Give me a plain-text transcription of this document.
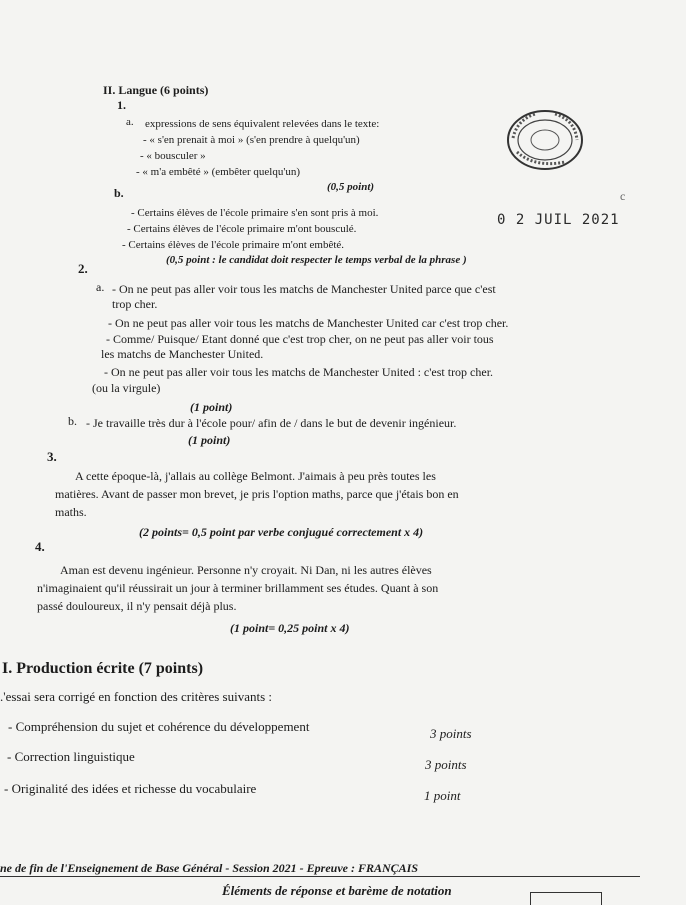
II. Langue (6 points)
1.
a. expressions de sens équivalent relevées dans le texte:
- « s'en prenait à moi » (s'en prendre à quelqu'un)
- « bousculer »
- « m'a embêté » (embêter quelqu'un)
(0,5 point)
b.
- Certains élèves de l'école primaire s'en sont pris à moi.
- Certains élèves de l'école primaire m'ont bousculé.
- Certains élèves de l'école primaire m'ont embêté.
(0,5 point : le candidat doit respecter le temps verbal de la phrase )
0 2 JUIL 2021
c
2.
a. - On ne peut pas aller voir tous les matchs de Manchester United parce que c'est
trop cher.
- On ne peut pas aller voir tous les matchs de Manchester United car c'est trop cher.
- Comme/ Puisque/ Etant donné que c'est trop cher, on ne peut pas aller voir tous
les matchs de Manchester United.
- On ne peut pas aller voir tous les matchs de Manchester United : c'est trop cher.
(ou la virgule)
(1 point)
b. - Je travaille très dur à l'école pour/ afin de / dans le but de devenir ingénieur.
(1 point)
3.
A cette époque-là, j'allais au collège Belmont. J'aimais à peu près toutes les
matières. Avant de passer mon brevet, je pris l'option maths, parce que j'étais bon en
maths.
(2 points= 0,5 point par verbe conjugué correctement x 4)
4.
Aman est devenu ingénieur. Personne n'y croyait. Ni Dan, ni les autres élèves
n'imaginaient qu'il réussirait un jour à terminer brillamment ses études. Quant à son
passé douloureux, il n'y pensait déjà plus.
(1 point= 0,25 point x 4)
I. Production écrite (7 points)
.'essai sera corrigé en fonction des critères suivants :
- Compréhension du sujet et cohérence du développement	3 points
- Correction linguistique
3 points
- Originalité des idées et richesse du vocabulaire	1 point
ne de fin de l'Enseignement de Base Général - Session 2021 - Epreuve : FRANÇAIS
Éléments de réponse et barème de notation
